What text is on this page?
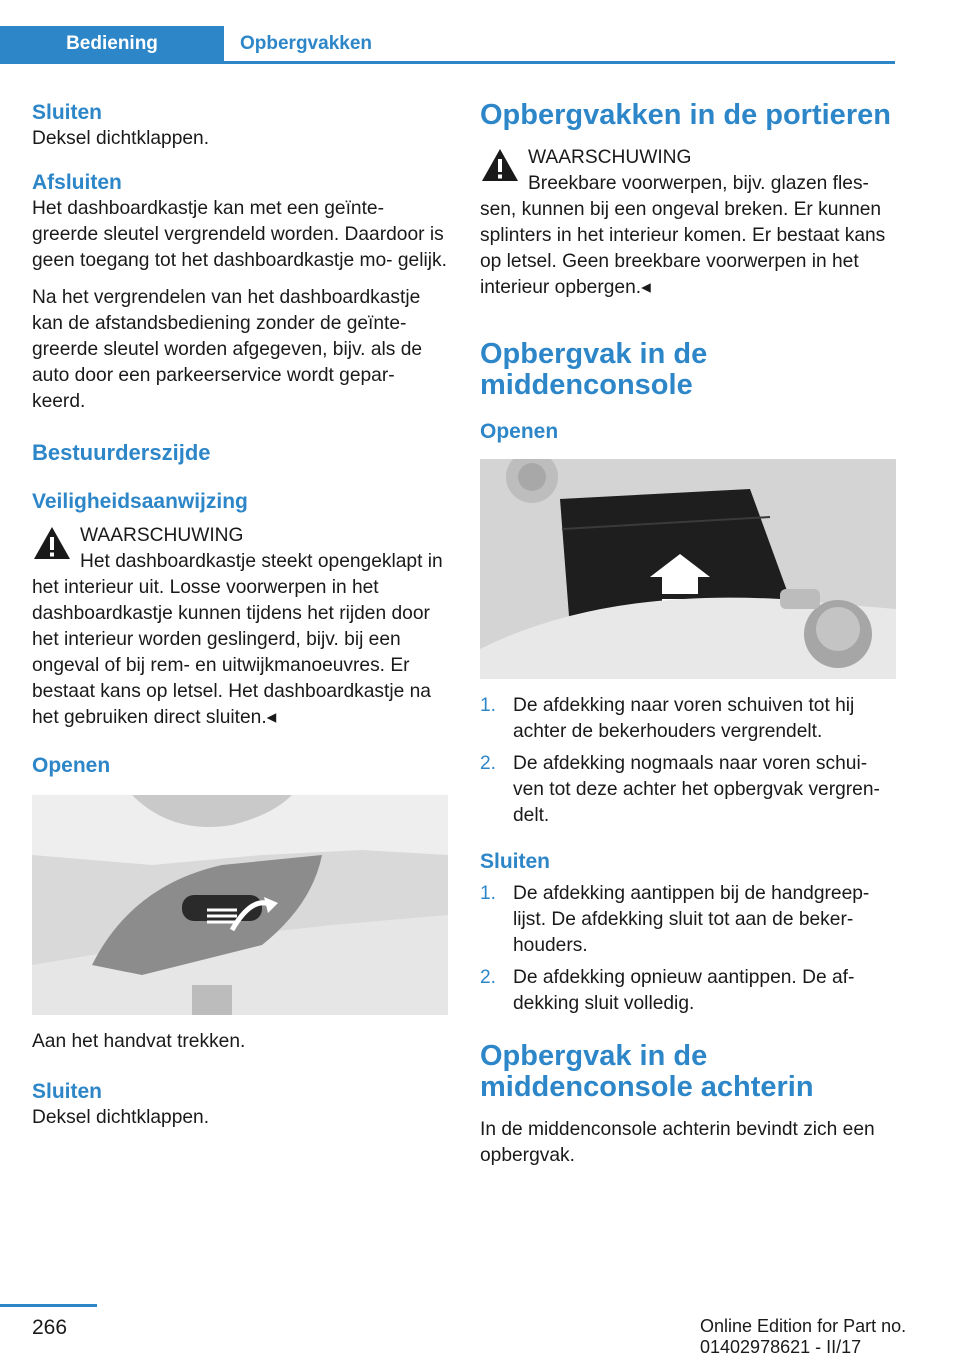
Bediening	Opbergvakken
Sluiten

Deksel dichtklappen.

Afsluiten

Het dashboardkastje kan met een geïnte- greerde sleutel vergrendeld worden. Daardoor is geen toegang tot het dashboardkastje mo- gelijk.

Na het vergrendelen van het dashboardkastje kan de afstandsbediening zonder de geïnte- greerde sleutel worden afgegeven, bijv. als de auto door een parkeerservice wordt gepar- keerd.

Bestuurderszijde
Veiligheidsaanwijzing

WAARSCHUWING

Het dashboardkastje steekt opengeklapt in het interieur uit. Losse voorwerpen in het dashboardkastje kunnen tijdens het rijden door het interieur worden geslingerd, bijv. bij een ongeval of bij rem- en uitwijkmanoeuvres. Er bestaat kans op letsel. Het dashboardkastje na het gebruiken direct sluiten.◂

Openen

Aan het handvat trekken.

Sluiten

Deksel dichtklappen.

Opbergvakken in de portieren

WAARSCHUWING

Breekbare voorwerpen, bijv. glazen fles- sen, kunnen bij een ongeval breken. Er kunnen splinters in het interieur komen. Er bestaat kans op letsel. Geen breekbare voorwerpen in het interieur opbergen.◂

Opbergvak in de middenconsole
Openen
1. De afdekking naar voren schuiven tot hij achter de bekerhouders vergrendelt.
2. De afdekking nogmaals naar voren schui- ven tot deze achter het opbergvak vergren- delt.
Sluiten
1. De afdekking aantippen bij de handgreep- lijst. De afdekking sluit tot aan de beker- houders.
2. De afdekking opnieuw aantippen. De af- dekking sluit volledig.
Opbergvak in de middenconsole achterin

In de middenconsole achterin bevindt zich een opbergvak.

266	Online Edition for Part no. 01402978621 - II/17
